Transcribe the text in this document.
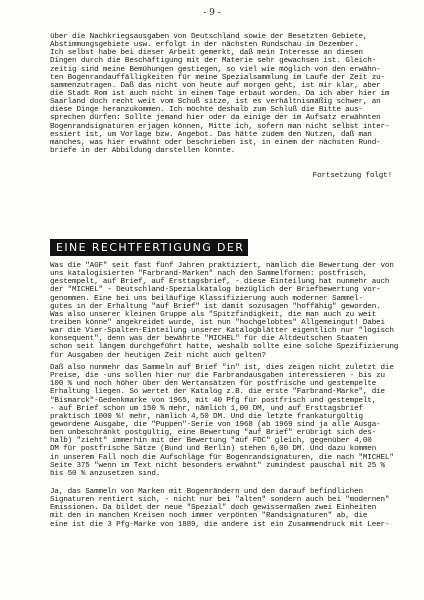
- 9 -
über die Nachkriegsausgaben von Deutschland sowie der Besetzten Gebiete,
Abstimmungsgebiete usw. erfolgt in der nächsten Rundschau im Dezember.
Ich selbst habe bei dieser Arbeit gemerkt, daß mein Interesse an diesen
Dingen durch die Beschäftigung mit der Materie sehr gewachsen ist. Gleich-
zeitig sind meine Bemühungen gestiegen, so viel wie möglich von den erwähn-
ten Bogenrandauffälligkeiten für meine Spezialsammlung im Laufe der Zeit zu-
sammenzutragen. Daß das nicht von heute auf morgen geht, ist mir klar, aber
die Stadt Rom ist auch nicht in einem Tage erbaut worden. Da ich aber hier im
Saarland doch recht weit vom Schuß sitze, ist es verhältnismäßig schwer, an
diese Dinge heranzukommen. Ich möchte deshalb zum Schluß die Bitte aus-
sprechen dürfen: Sollte jemand hier oder da einige der im Aufsatz erwähnten
Bogenrandsignaturen erjagen können, Mitte ich, sofern man nicht selbst inter-
essiert ist, um Vorlage bzw. Angebot. Das hätte zudem den Nutzen, daß man
manches, was hier erwähnt oder beschrieben ist, in einem der nächsten Rund-
briefe in der Abbildung darstellen könnte.

Fortsetzung folgt!

EINE RECHTFERTIGUNG DER A·G·F
Was die "AGF" seit fast fünf Jahren praktiziert, nämlich die Bewertung der von
uns katalogisierten "Farbrand-Marken" nach den Sammelformen: postfrisch,
gestempelt, auf Brief, auf Ersttagsbrief, - diese Einteilung hat nunmehr auch
der "MICHEL" - Deutschland-Spezialkatalog bezüglich der Briefbewertung vor-
genommen. Eine bei uns beiläufige Klassifizierung auch moderner Sammel-
gutes in der Erhaltung "auf Brief" ist damit sozusagen "hoffähig" geworden.
Was also unserer kleinen Gruppe als "Spitzfindigkeit, die man auch zu weit
treiben könne" angekreidet wurde, ist nun "hochgelobtes" Allgemeingut! Dabei
war die Vier-Spalten-Einteilung unserer Katalogblätter eigentlich nur "logisch
konsequent", denn was der bewährte "MICHEL" für die Altdeutschen Staaten
schon seit längem durchgeführt hatte, weshalb sollte eine solche Spezifizierung
für Ausgaben der heutigen Zeit nicht auch gelten?
Daß also nunmehr das Sammeln auf Brief "in" ist, dies zeigen nicht zuletzt die
Preise, die -uns sollen hier nur die Farbrandausgaben interessieren - bis zu
100 % und noch höher über den Wertansätzen für postfrische und gestempelte
Erhaltung liegen. So wertet der Katalog z.B. die erste "Farbrand-Marke", die
"Bismarck"-Gedenkmarke von 1965, mit 40 Pfg für postfrisch und gestempelt,
- auf Brief schon um 150 % mehr, nämlich 1,00 DM, und auf Ersttagsbrief
praktisch 1000 %! mehr, nämlich 4,50 DM. Und die letzte frankaturgültig
gewordene Ausgabe, die "Puppen"-Serie von 1968 (ab 1969 sind ja alle Ausga-
ben unbeschränkt postgültig, eine Bewertung "auf Brief" erübrigt sich des-
halb) "zieht" immerhin mit der Bewertung "auf FDC" gleich, gegenüber 4,00
DM für postfrische Sätze (Bund und Berlin) stehen 6,00 DM. Und dazu kommen
in unserem Fall noch die Aufschläge für Bogenrandsignaturen, die nach "MICHEL"
Seite 375 "wenn im Text nicht besonders erwähnt" zumindest pauschal mit 25 %
bis 50 % anzusetzen sind.
Ja, das Sammeln von Marken mit Bogenrändern und den darauf befindlichen
Signaturen rentiert sich, - nicht nur bei "alten" sondern auch bei "modernen"
Emissionen. Da bildet der neue "Spezial" doch gewissermaßen zwei Einheiten
mit den in manchen Kreisen noch immer verpönten "Randsignaturen" ab, die
eine ist die 3 Pfg-Marke von 1889, die andere ist ein Zusammendruck mit Leer-
